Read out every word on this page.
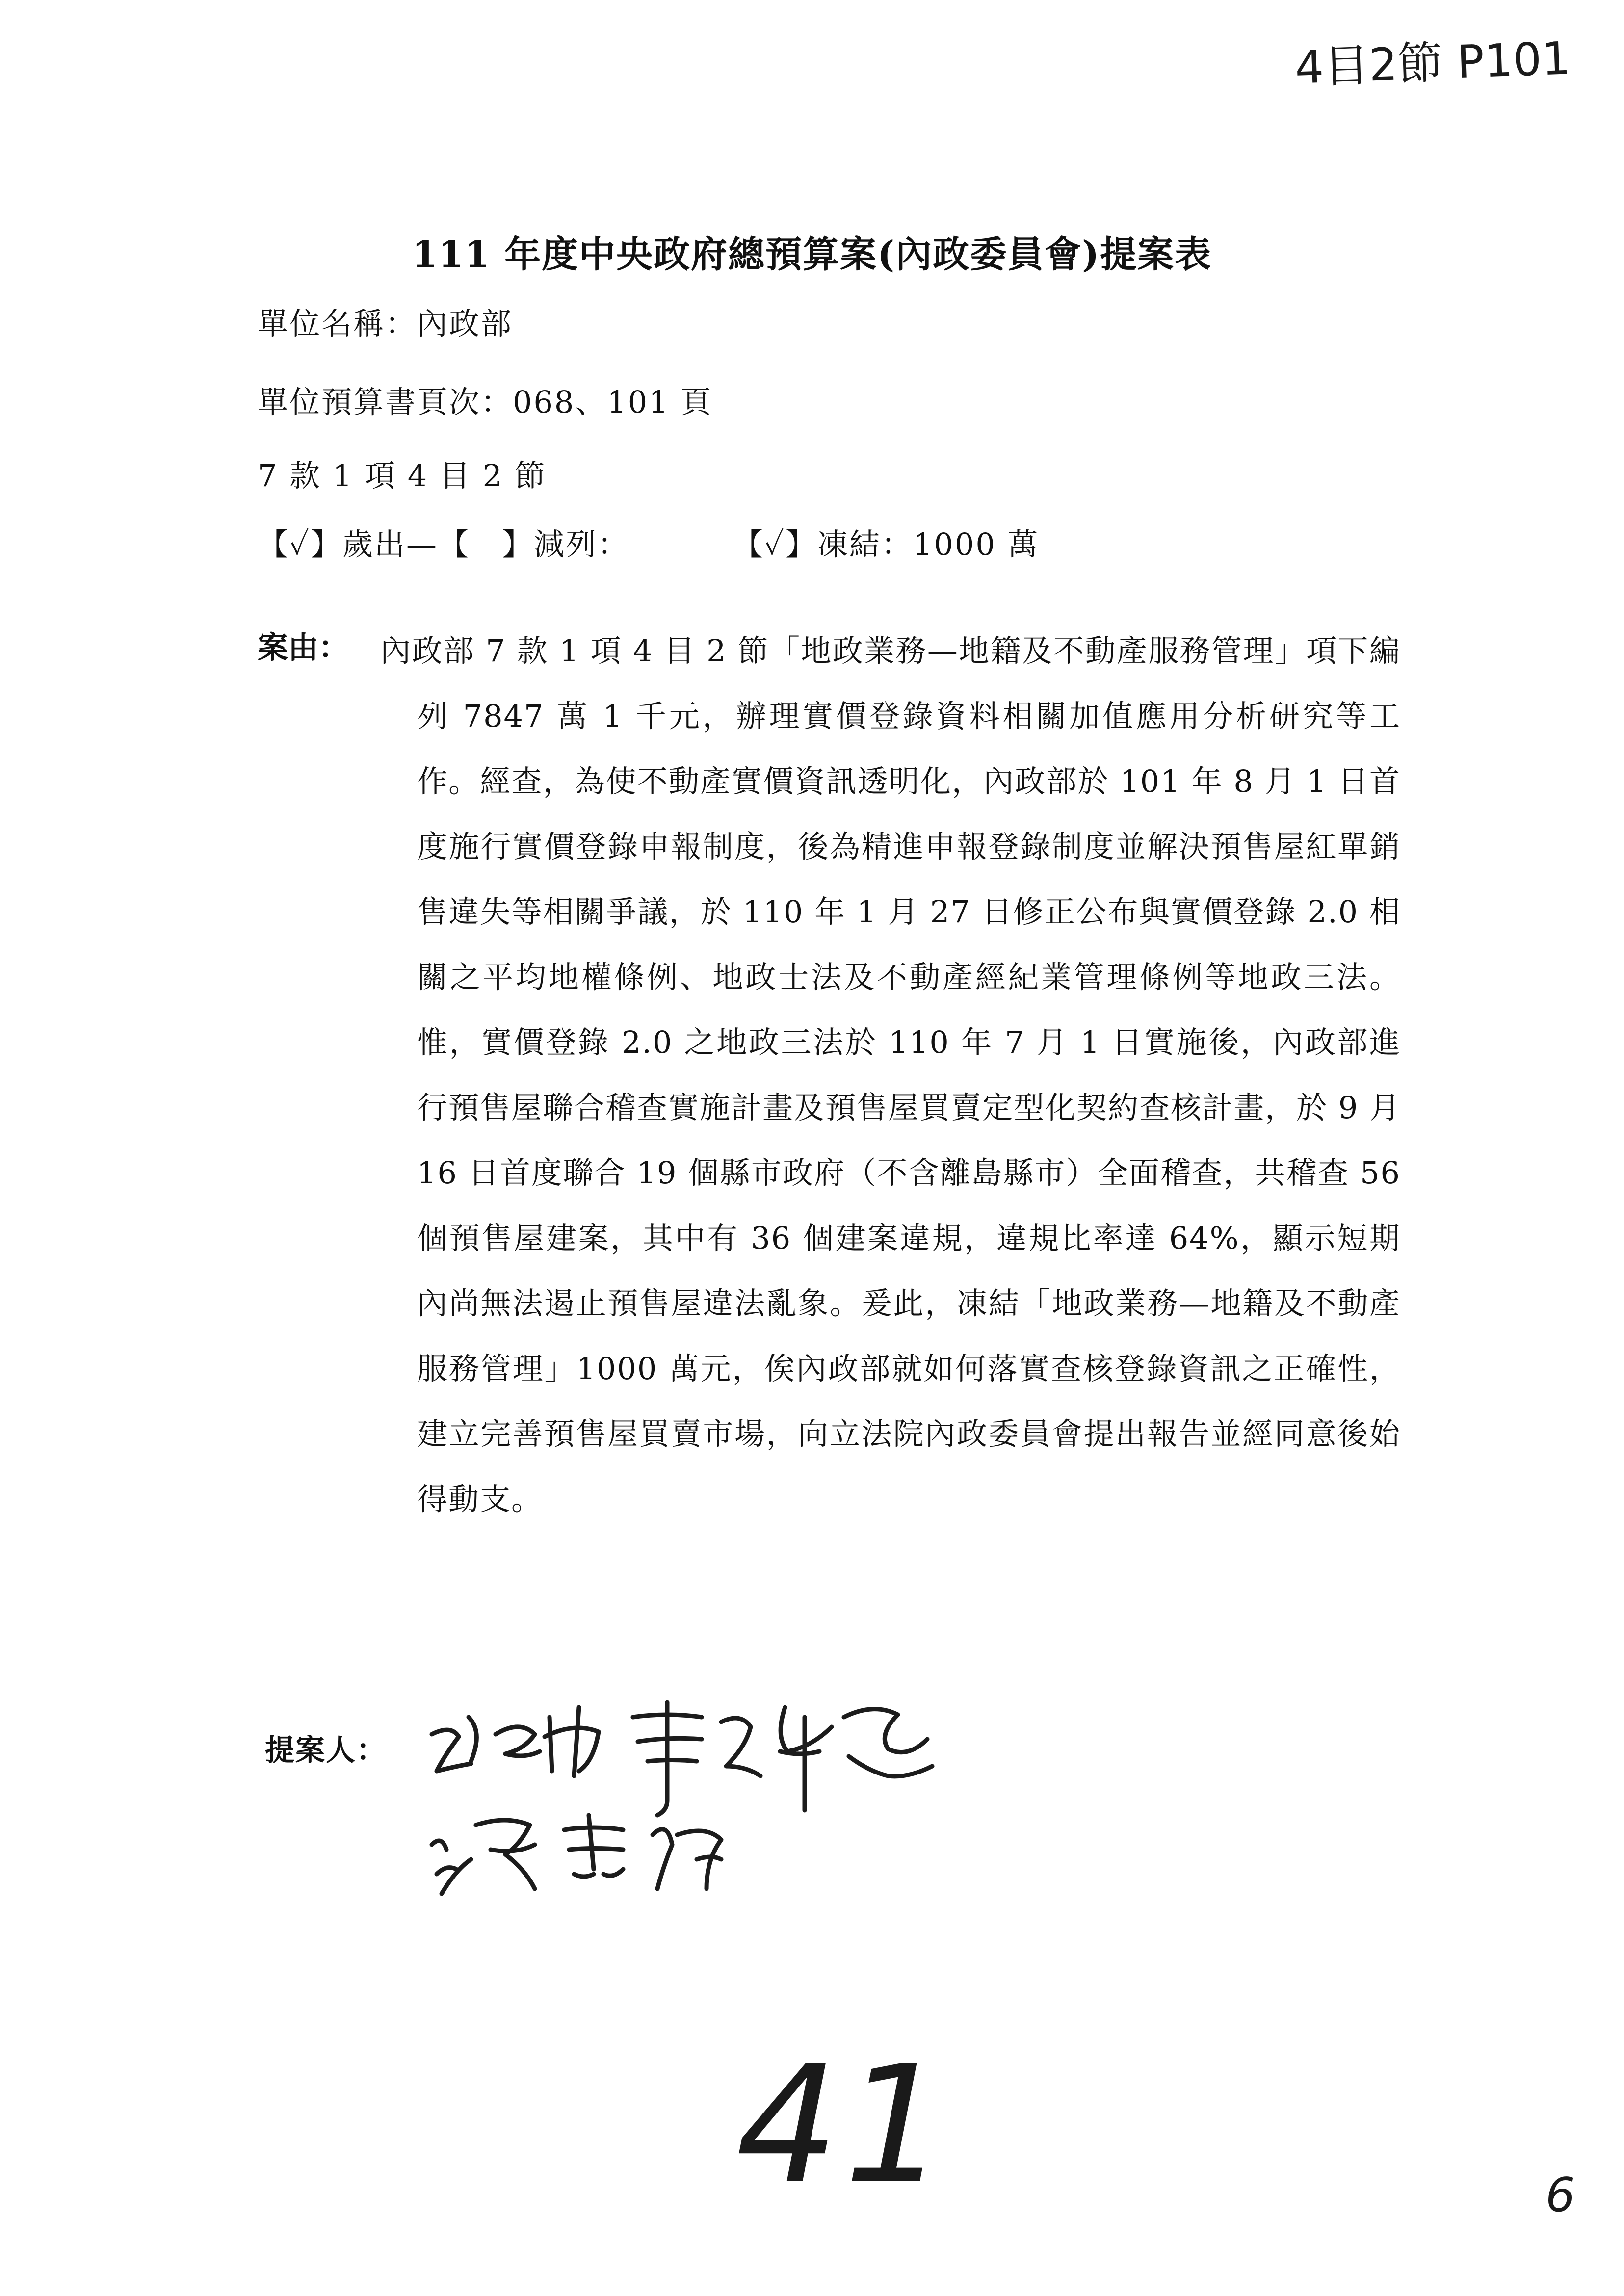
4目2節 P101
111 年度中央政府總預算案(內政委員會)提案表
單位名稱：內政部
單位預算書頁次：068、101 頁
7 款 1 項 4 目 2 節
【✓】歲出—【　】減列：	【✓】凍結：1000 萬
案由： 內政部 7 款 1 項 4 目 2 節「地政業務—地籍及不動產服務管理」項下編列 7847 萬 1 千元，辦理實價登錄資料相關加值應用分析研究等工作。經查，為使不動產實價資訊透明化，內政部於 101 年 8 月 1 日首度施行實價登錄申報制度，後為精進申報登錄制度並解決預售屋紅單銷售違失等相關爭議，於 110 年 1 月 27 日修正公布與實價登錄 2.0 相關之平均地權條例、地政士法及不動產經紀業管理條例等地政三法。惟，實價登錄 2.0 之地政三法於 110 年 7 月 1 日實施後，內政部進行預售屋聯合稽查實施計畫及預售屋買賣定型化契約查核計畫，於 9 月 16 日首度聯合 19 個縣市政府（不含離島縣市）全面稽查，共稽查 56 個預售屋建案，其中有 36 個建案違規，違規比率達 64%，顯示短期內尚無法遏止預售屋違法亂象。爰此，凍結「地政業務—地籍及不動產服務管理」1000 萬元，俟內政部就如何落實查核登錄資訊之正確性，建立完善預售屋買賣市場，向立法院內政委員會提出報告並經同意後始得動支。
提案人：
41	6
